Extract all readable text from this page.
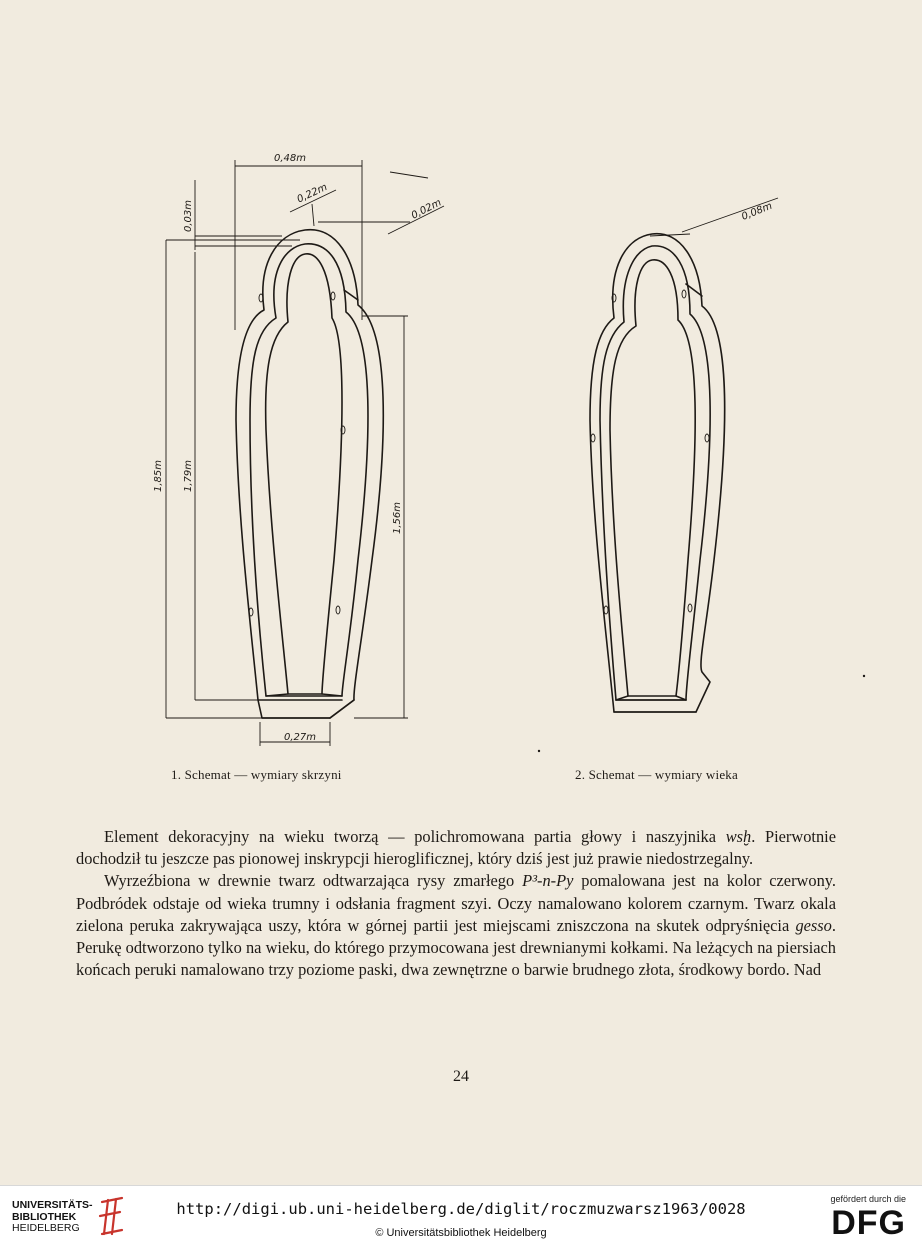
0,48m
0,22m
0,02m
0,03m
1,85m 1,79m
1,56m
0,27m
0,08m
1. Schemat — wymiary skrzyni	2. Schemat — wymiary wieka

Element dekoracyjny na wieku tworzą — polichromowana partia głowy i naszyjnika wsḫ. Pierwotnie dochodził tu jeszcze pas pionowej inskrypcji hieroglificznej, który dziś jest już prawie niedostrzegalny.

Wyrzeźbiona w drewnie twarz odtwarzająca rysy zmarłego P³-n-Py pomalowana jest na kolor czerwony. Podbródek odstaje od wieka trumny i odsłania fragment szyi. Oczy namalowano kolorem czarnym. Twarz okala zielona peruka zakrywająca uszy, która w górnej partii jest miejscami zniszczona na skutek odpryśnięcia gesso. Perukę odtworzono tylko na wieku, do którego przymocowana jest drewnianymi kołkami. Na leżących na piersiach końcach peruki namalowano trzy poziome paski, dwa zewnętrzne o barwie brudnego złota, środkowy bordo. Nad

24
UNIVERSITÄTS-
BIBLIOTHEK
HEIDELBERG
http://digi.ub.uni-heidelberg.de/diglit/roczmuzwarsz1963/0028
© Universitätsbibliothek Heidelberg
gefördert durch die
DFG
